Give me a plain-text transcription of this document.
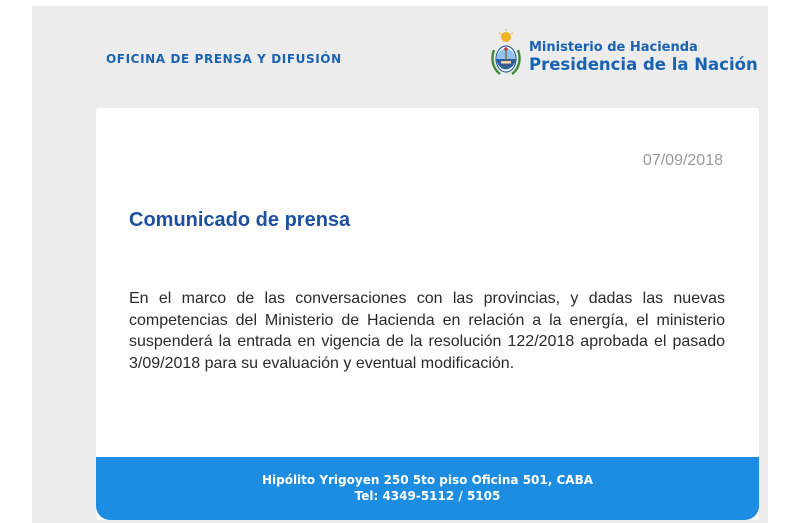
OFICINA DE PRENSA Y DIFUSIÓN
Ministerio de Hacienda
Presidencia de la Nación
07/09/2018
Comunicado de prensa

En el marco de las conversaciones con las provincias, y dadas las nuevas competencias del Ministerio de Hacienda en relación a la energía, el ministerio suspenderá la entrada en vigencia de la resolución 122/2018 aprobada el pasado 3/09/2018 para su evaluación y eventual modificación.

Hipólito Yrigoyen 250 5to piso Oficina 501, CABA
Tel: 4349-5112 / 5105
